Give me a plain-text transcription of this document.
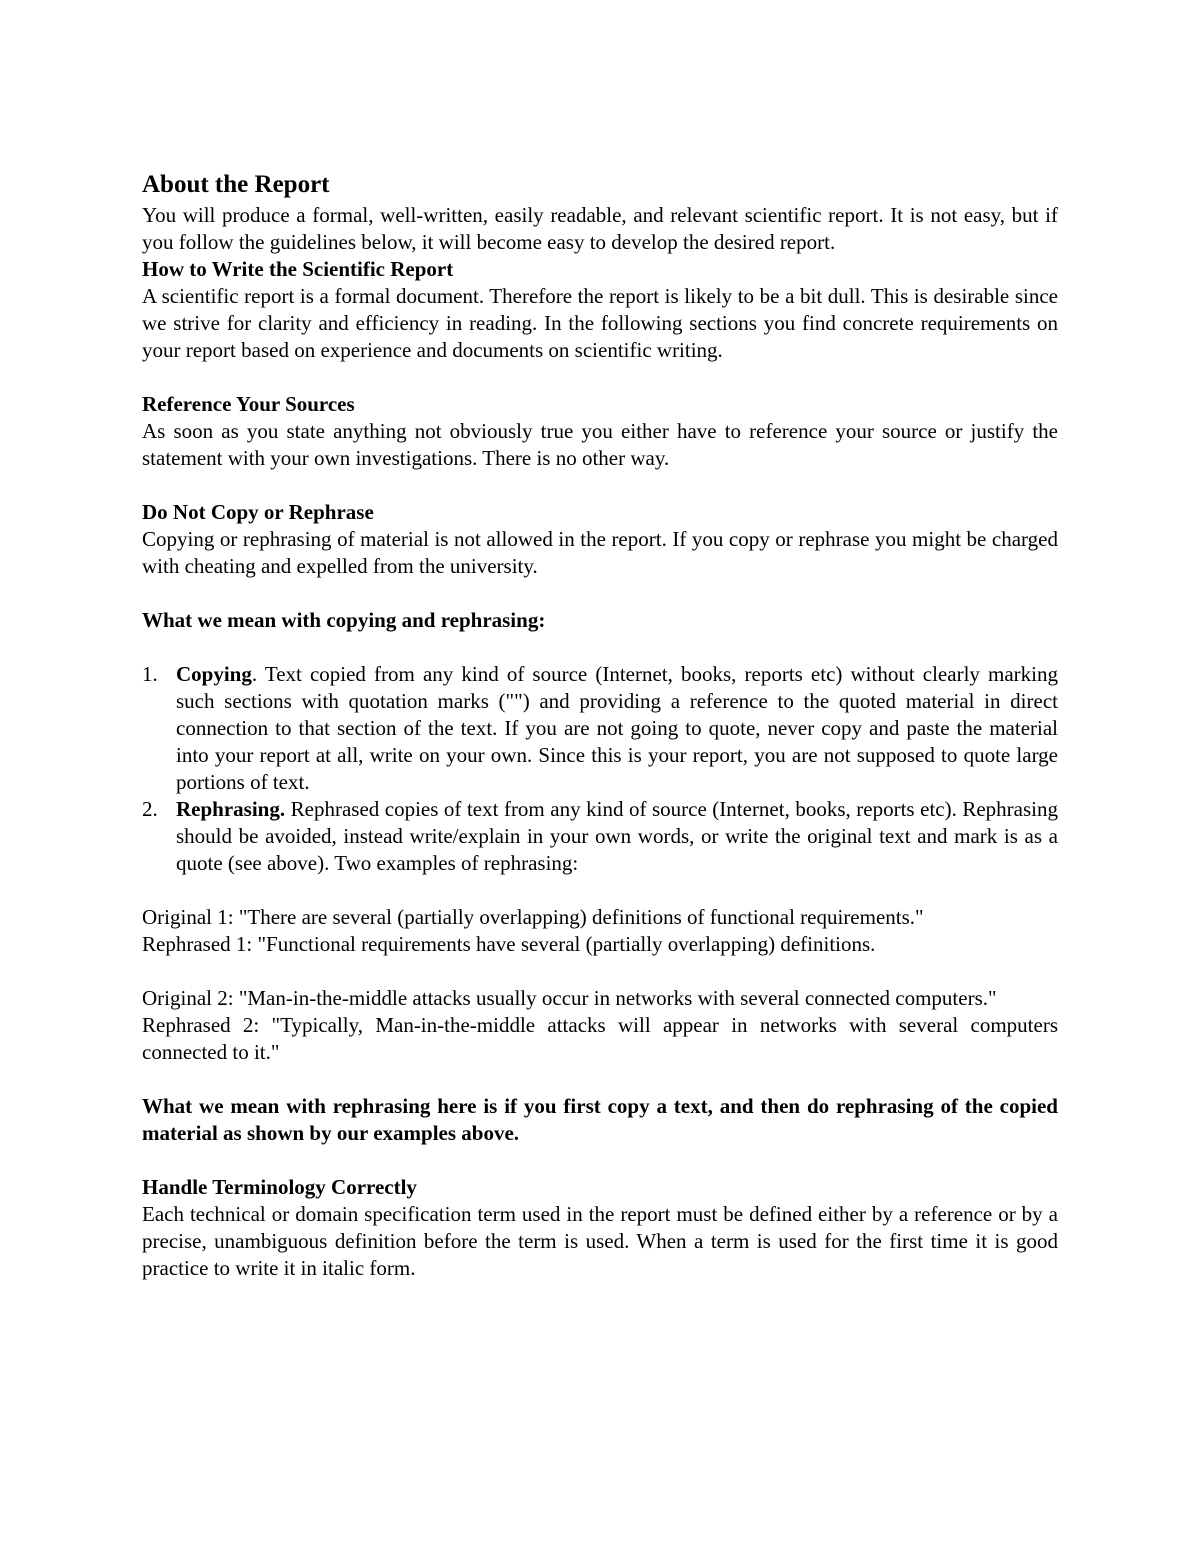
About the Report

You will produce a formal, well-written, easily readable, and relevant scientific report. It is not easy, but if you follow the guidelines below, it will become easy to develop the desired report.

How to Write the Scientific Report

A scientific report is a formal document. Therefore the report is likely to be a bit dull. This is desirable since we strive for clarity and efficiency in reading. In the following sections you find concrete requirements on your report based on experience and documents on scientific writing.

Reference Your Sources

As soon as you state anything not obviously true you either have to reference your source or justify the statement with your own investigations. There is no other way.

Do Not Copy or Rephrase

Copying or rephrasing of material is not allowed in the report. If you copy or rephrase you might be charged with cheating and expelled from the university.

What we mean with copying and rephrasing:

1. Copying. Text copied from any kind of source (Internet, books, reports etc) without clearly marking such sections with quotation marks ("") and providing a reference to the quoted material in direct connection to that section of the text. If you are not going to quote, never copy and paste the material into your report at all, write on your own. Since this is your report, you are not supposed to quote large portions of text.
2. Rephrasing. Rephrased copies of text from any kind of source (Internet, books, reports etc). Rephrasing should be avoided, instead write/explain in your own words, or write the original text and mark is as a quote (see above). Two examples of rephrasing:

Original 1: "There are several (partially overlapping) definitions of functional requirements."

Rephrased 1: "Functional requirements have several (partially overlapping) definitions.

Original 2: "Man-in-the-middle attacks usually occur in networks with several connected computers."

Rephrased 2: "Typically, Man-in-the-middle attacks will appear in networks with several computers connected to it."

What we mean with rephrasing here is if you first copy a text, and then do rephrasing of the copied material as shown by our examples above.

Handle Terminology Correctly

Each technical or domain specification term used in the report must be defined either by a reference or by a precise, unambiguous definition before the term is used. When a term is used for the first time it is good practice to write it in italic form.
